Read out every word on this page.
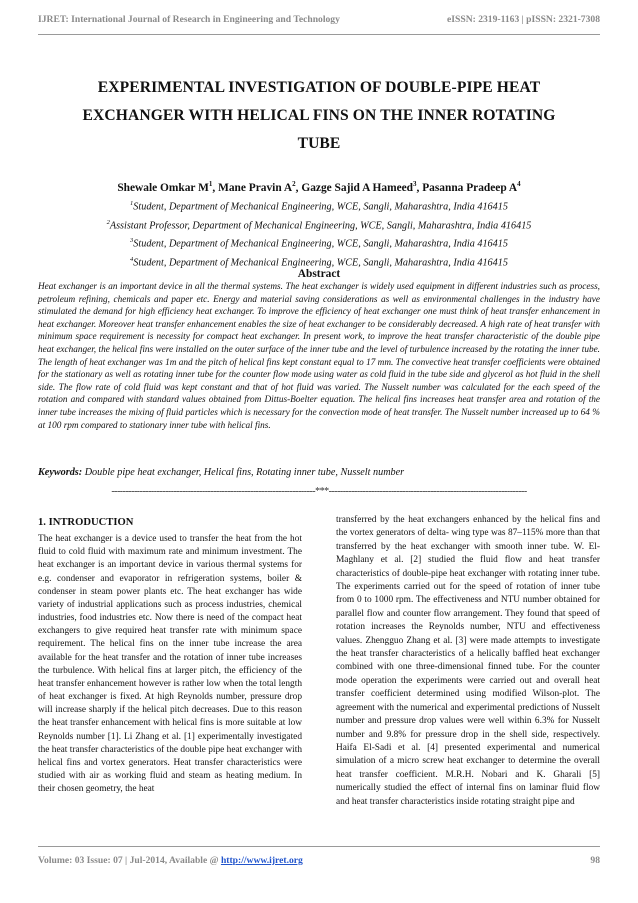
IJRET: International Journal of Research in Engineering and Technology	eISSN: 2319-1163 | pISSN: 2321-7308
EXPERIMENTAL INVESTIGATION OF DOUBLE-PIPE HEAT
EXCHANGER WITH HELICAL FINS ON THE INNER ROTATING
TUBE
Shewale Omkar $M^1$, Mane Pravin $A^2$, Gazge Sajid A Hameed$^3$, Pasanna Pradeep $A^4$
$^1$Student, Department of Mechanical Engineering, WCE, Sangli, Maharashtra, India 416415
$^2$Assistant Professor, Department of Mechanical Engineering, WCE, Sangli, Maharashtra, India 416415
$^3$Student, Department of Mechanical Engineering, WCE, Sangli, Maharashtra, India 416415
$^4$Student, Department of Mechanical Engineering, WCE, Sangli, Maharashtra, India 416415
Abstract
Heat exchanger is an important device in all the thermal systems. The heat exchanger is widely used equipment in different industries such as process, petroleum refining, chemicals and paper etc. Energy and material saving considerations as well as environmental challenges in the industry have stimulated the demand for high efficiency heat exchanger. To improve the efficiency of heat exchanger one must think of heat transfer enhancement in heat exchanger. Moreover heat transfer enhancement enables the size of heat exchanger to be considerably decreased. A high rate of heat transfer with minimum space requirement is necessity for compact heat exchanger. In present work, to improve the heat transfer characteristic of the double pipe heat exchanger, the helical fins were installed on the outer surface of the inner tube and the level of turbulence increased by the rotating the inner tube. The length of heat exchanger was 1m and the pitch of helical fins kept constant equal to 17 mm. The convective heat transfer coefficients were obtained for the stationary as well as rotating inner tube for the counter flow mode using water as cold fluid in the tube side and glycerol as hot fluid in the shell side. The flow rate of cold fluid was kept constant and that of hot fluid was varied. The Nusselt number was calculated for the each speed of the rotation and compared with standard values obtained from Dittus-Boelter equation. The helical fins increases heat transfer area and rotation of the inner tube increases the mixing of fluid particles which is necessary for the convection mode of heat transfer. The Nusselt number increased up to 64 % at 100 rpm compared to stationary inner tube with helical fins.
Keywords: Double pipe heat exchanger, Helical fins, Rotating inner tube, Nusselt number
------------------------------------------------------------------------***----------------------------------------------------------------------
1. INTRODUCTION

The heat exchanger is a device used to transfer the heat from the hot fluid to cold fluid with maximum rate and minimum investment. The heat exchanger is an important device in various thermal systems for e.g. condenser and evaporator in refrigeration systems, boiler & condenser in steam power plants etc. The heat exchanger has wide variety of industrial applications such as process industries, chemical industries, food industries etc. Now there is need of the compact heat exchangers to give required heat transfer rate with minimum space requirement. The helical fins on the inner tube increase the area available for the heat transfer and the rotation of inner tube increases the turbulence. With helical fins at larger pitch, the efficiency of the heat transfer enhancement however is rather low when the total length of heat exchanger is fixed. At high Reynolds number, pressure drop will increase sharply if the helical pitch decreases. Due to this reason the heat transfer enhancement with helical fins is more suitable at low Reynolds number [1]. Li Zhang et al. [1] experimentally investigated the heat transfer characteristics of the double pipe heat exchanger with helical fins and vortex generators. Heat transfer characteristics were studied with air as working fluid and steam as heating medium. In their chosen geometry, the heat

transferred by the heat exchangers enhanced by the helical fins and the vortex generators of delta- wing type was 87–115% more than that transferred by the heat exchanger with smooth inner tube. W. El-Maghlany et al. [2] studied the fluid flow and heat transfer characteristics of double-pipe heat exchanger with rotating inner tube. The experiments carried out for the speed of rotation of inner tube from 0 to 1000 rpm. The effectiveness and NTU number obtained for parallel flow and counter flow arrangement. They found that speed of rotation increases the Reynolds number, NTU and effectiveness values. Zhengguo Zhang et al. [3] were made attempts to investigate the heat transfer characteristics of a helically baffled heat exchanger combined with one three-dimensional finned tube. For the counter mode operation the experiments were carried out and overall heat transfer coefficient determined using modified Wilson-plot. The agreement with the numerical and experimental predictions of Nusselt number and pressure drop values were well within 6.3% for Nusselt number and 9.8% for pressure drop in the shell side, respectively. Haifa El-Sadi et al. [4] presented experimental and numerical simulation of a micro screw heat exchanger to determine the overall heat transfer coefficient. M.R.H. Nobari and K. Gharali [5] numerically studied the effect of internal fins on laminar fluid flow and heat transfer characteristics inside rotating straight pipe and

Volume: 03 Issue: 07 | Jul-2014, Available @ http://www.ijret.org	98
